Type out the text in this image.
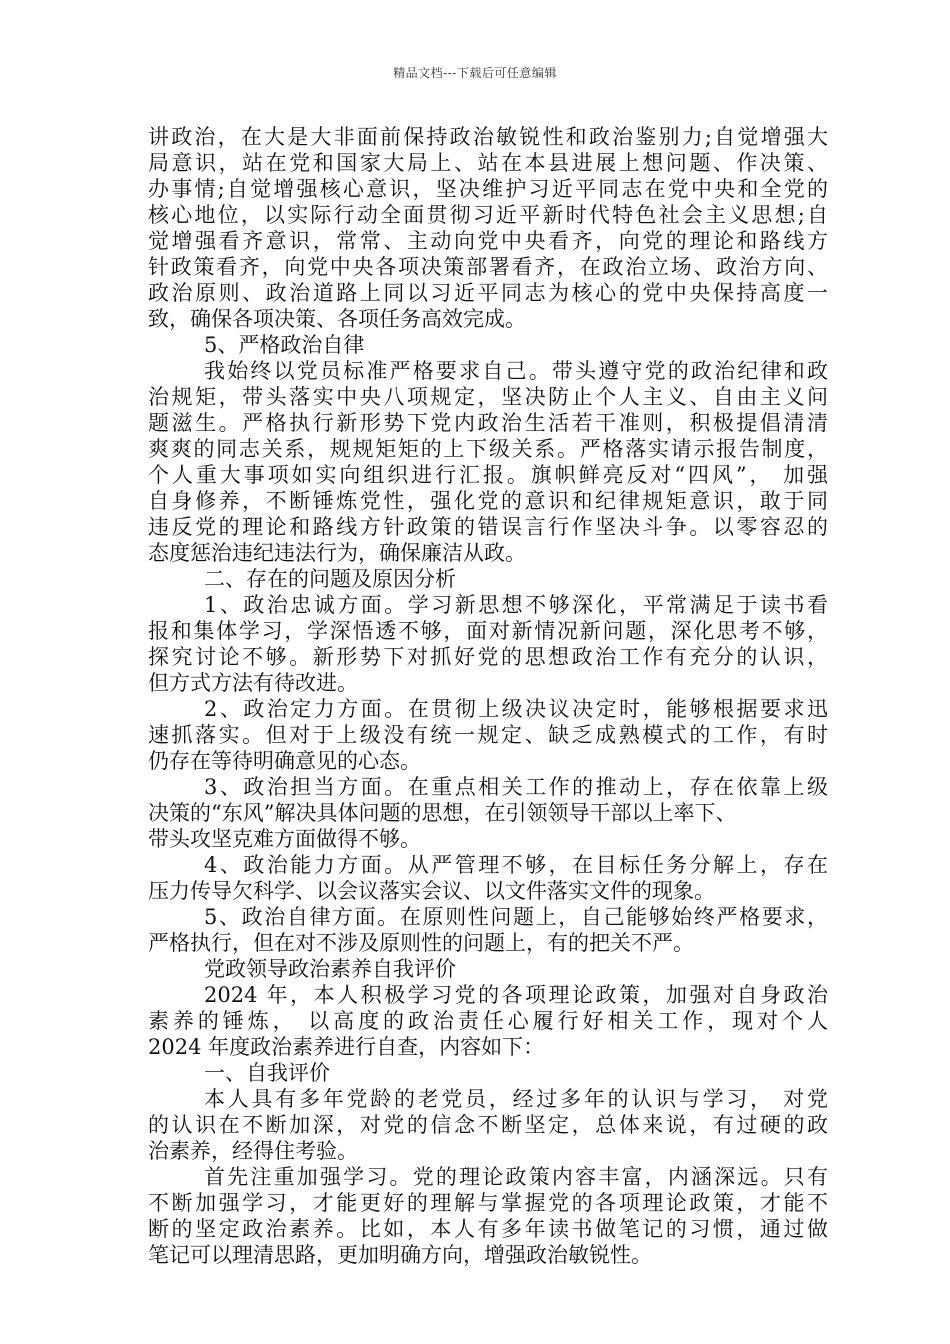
精品文档---下载后可任意编辑
讲政治，在大是大非面前保持政治敏锐性和政治鉴别力;自觉增强大
局意识，站在党和国家大局上、站在本县进展上想问题、作决策、
办事情;自觉增强核心意识，坚决维护习近平同志在党中央和全党的
核心地位，以实际行动全面贯彻习近平新时代特色社会主义思想;自
觉增强看齐意识，常常、主动向党中央看齐，向党的理论和路线方
针政策看齐，向党中央各项决策部署看齐，在政治立场、政治方向、
政治原则、政治道路上同以习近平同志为核心的党中央保持高度一
致，确保各项决策、各项任务高效完成。
5、严格政治自律
我始终以党员标准严格要求自己。带头遵守党的政治纪律和政
治规矩，带头落实中央八项规定，坚决防止个人主义、自由主义问
题滋生。严格执行新形势下党内政治生活若干准则，积极提倡清清
爽爽的同志关系，规规矩矩的上下级关系。严格落实请示报告制度，
个人重大事项如实向组织进行汇报。旗帜鲜亮反对“四风”， 加强
自身修养，不断锤炼党性，强化党的意识和纪律规矩意识，敢于同
违反党的理论和路线方针政策的错误言行作坚决斗争。以零容忍的
态度惩治违纪违法行为，确保廉洁从政。
二、存在的问题及原因分析
1、政治忠诚方面。学习新思想不够深化，平常满足于读书看
报和集体学习，学深悟透不够，面对新情况新问题，深化思考不够，
探究讨论不够。新形势下对抓好党的思想政治工作有充分的认识，
但方式方法有待改进。
2、政治定力方面。在贯彻上级决议决定时，能够根据要求迅
速抓落实。但对于上级没有统一规定、缺乏成熟模式的工作，有时
仍存在等待明确意见的心态。
3、政治担当方面。在重点相关工作的推动上，存在依靠上级
决策的“东风”解决具体问题的思想，在引领领导干部以上率下、
带头攻坚克难方面做得不够。
4、政治能力方面。从严管理不够，在目标任务分解上，存在
压力传导欠科学、以会议落实会议、以文件落实文件的现象。
5、政治自律方面。在原则性问题上，自己能够始终严格要求，
严格执行，但在对不涉及原则性的问题上，有的把关不严。
党政领导政治素养自我评价
2024 年，本人积极学习党的各项理论政策，加强对自身政治
素养的锤炼， 以高度的政治责任心履行好相关工作，现对个人
2024 年度政治素养进行自查，内容如下：
一、自我评价
本人具有多年党龄的老党员，经过多年的认识与学习， 对党
的认识在不断加深，对党的信念不断坚定，总体来说，有过硬的政
治素养，经得住考验。
首先注重加强学习。党的理论政策内容丰富，内涵深远。只有
不断加强学习，才能更好的理解与掌握党的各项理论政策，才能不
断的坚定政治素养。比如，本人有多年读书做笔记的习惯，通过做
笔记可以理清思路，更加明确方向，增强政治敏锐性。
